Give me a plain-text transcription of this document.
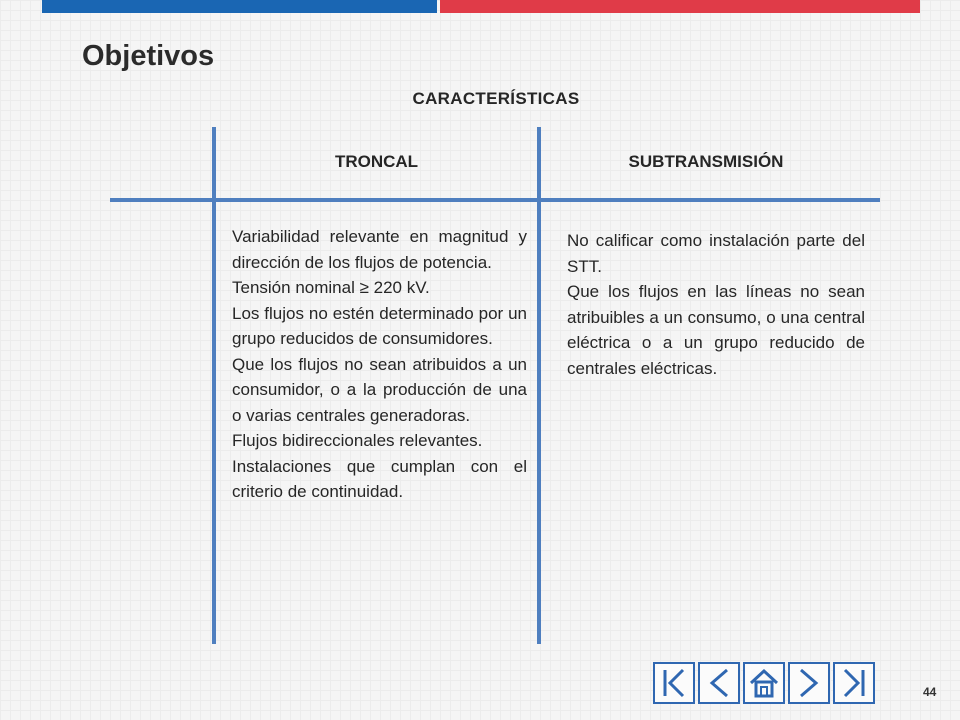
Objetivos
CARACTERÍSTICAS
TRONCAL	SUBTRANSMISIÓN

Variabilidad relevante en magnitud y dirección de los flujos de potencia.

Tensión nominal ≥ 220 kV.

Los flujos no estén determinado por un grupo reducidos de consumidores.

Que los flujos no sean atribuidos a un consumidor, o a la producción de una o varias centrales generadoras.

Flujos bidireccionales relevantes.

Instalaciones que cumplan con el criterio de continuidad.

No calificar como instalación parte del STT.

Que los flujos en las líneas no sean atribuibles a un consumo, o una central eléctrica o a un grupo reducido de centrales eléctricas.

44
